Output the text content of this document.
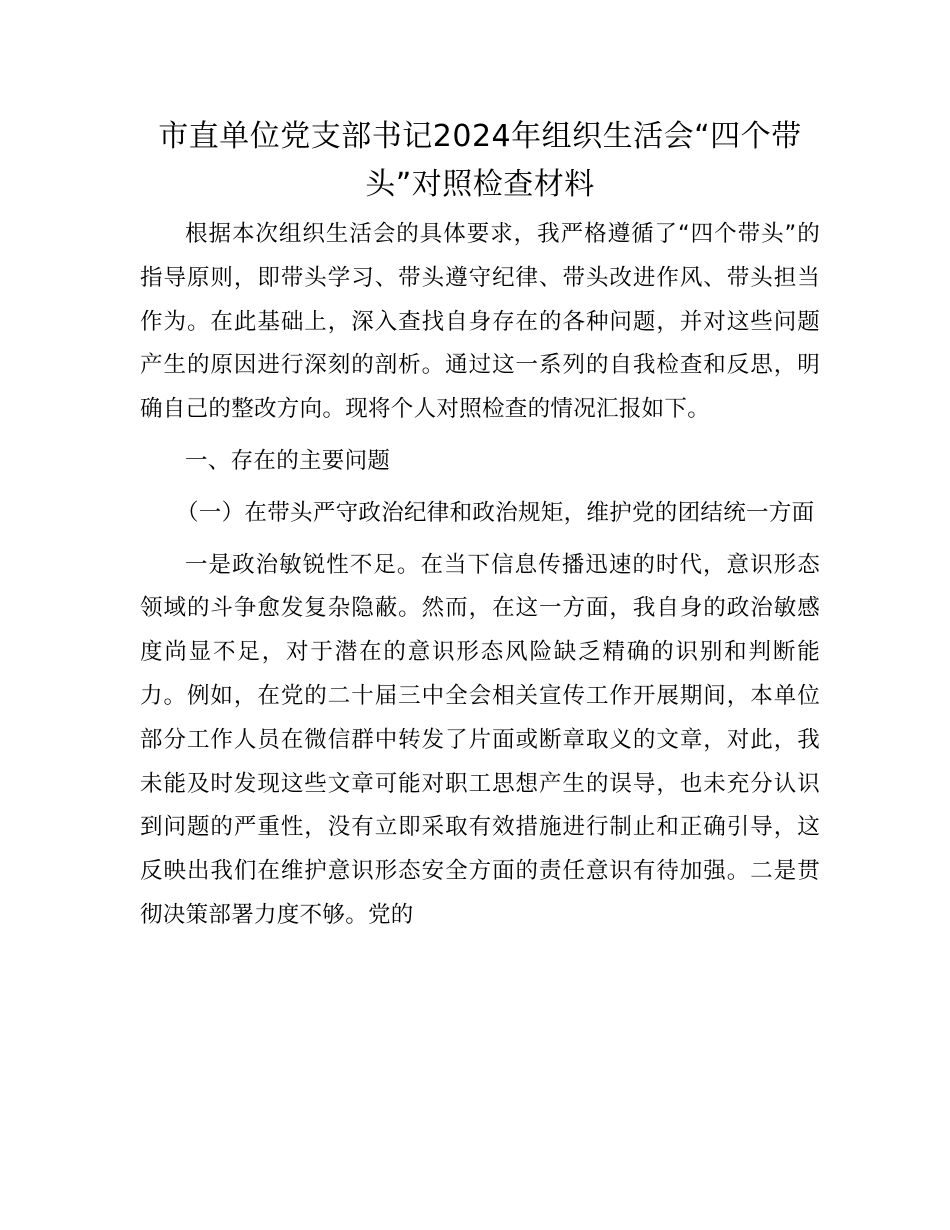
市直单位党支部书记2024年组织生活会“四个带头”对照检查材料

根据本次组织生活会的具体要求，我严格遵循了“四个带头”的指导原则，即带头学习、带头遵守纪律、带头改进作风、带头担当作为。在此基础上，深入查找自身存在的各种问题，并对这些问题产生的原因进行深刻的剖析。通过这一系列的自我检查和反思，明确自己的整改方向。现将个人对照检查的情况汇报如下。

一、存在的主要问题

（一）在带头严守政治纪律和政治规矩，维护党的团结统一方面

一是政治敏锐性不足。在当下信息传播迅速的时代，意识形态领域的斗争愈发复杂隐蔽。然而，在这一方面，我自身的政治敏感度尚显不足，对于潜在的意识形态风险缺乏精确的识别和判断能力。例如，在党的二十届三中全会相关宣传工作开展期间，本单位部分工作人员在微信群中转发了片面或断章取义的文章，对此，我未能及时发现这些文章可能对职工思想产生的误导，也未充分认识到问题的严重性，没有立即采取有效措施进行制止和正确引导，这反映出我们在维护意识形态安全方面的责任意识有待加强。二是贯彻决策部署力度不够。党的
